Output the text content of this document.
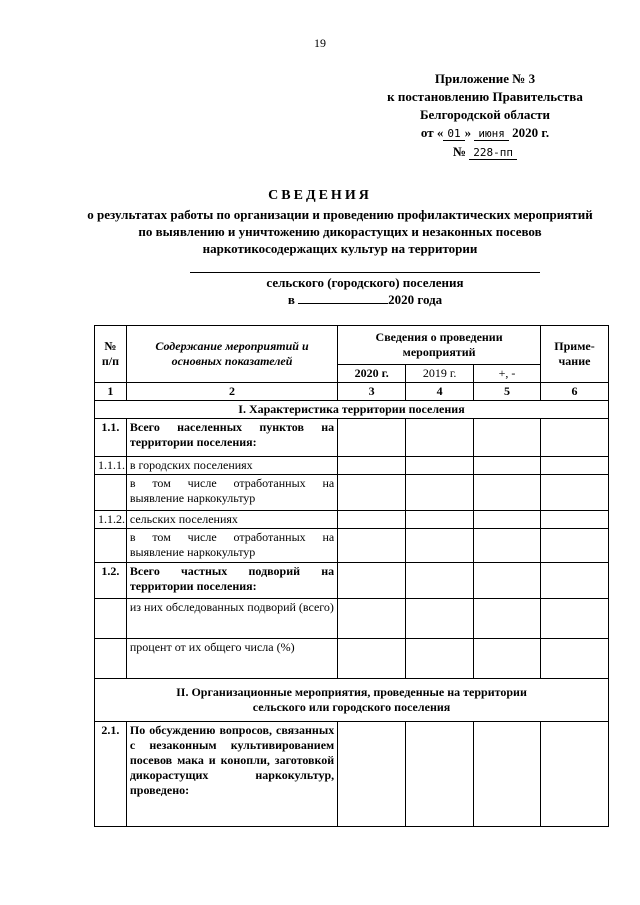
19
Приложение № 3
к постановлению Правительства
Белгородской области
от « 01 » июня 2020 г.
№ 228-пп
СВЕДЕНИЯ
о результатах работы по организации и проведению профилактических мероприятий по выявлению и уничтожению дикорастущих и незаконных посевов наркотикосодержащих культур на территории
сельского (городского) поселения
в	2020 года
№ п/п	Содержание мероприятий и основных показателей	Сведения о проведении мероприятий			Приме-чание
		2020 г.	2019 г.	+, -	
1	2	3	4	5	6
I. Характеристика территории поселения					
1.1.	Всего населенных пунктов на территории поселения:				
1.1.1.	в городских поселениях				
	в том числе отработанных на выявление наркокультур				
1.1.2.	сельских поселениях				
	в том числе отработанных на выявление наркокультур				
1.2.	Всего частных подворий на территории поселения:				
	из них обследованных подворий (всего)				
	процент от их общего числа (%)				
II. Организационные мероприятия, проведенные на территории сельского или городского поселения					
2.1.	По обсуждению вопросов, связанных с незаконным культивированием посевов мака и конопли, заготовкой дикорастущих наркокультур, проведено:				
